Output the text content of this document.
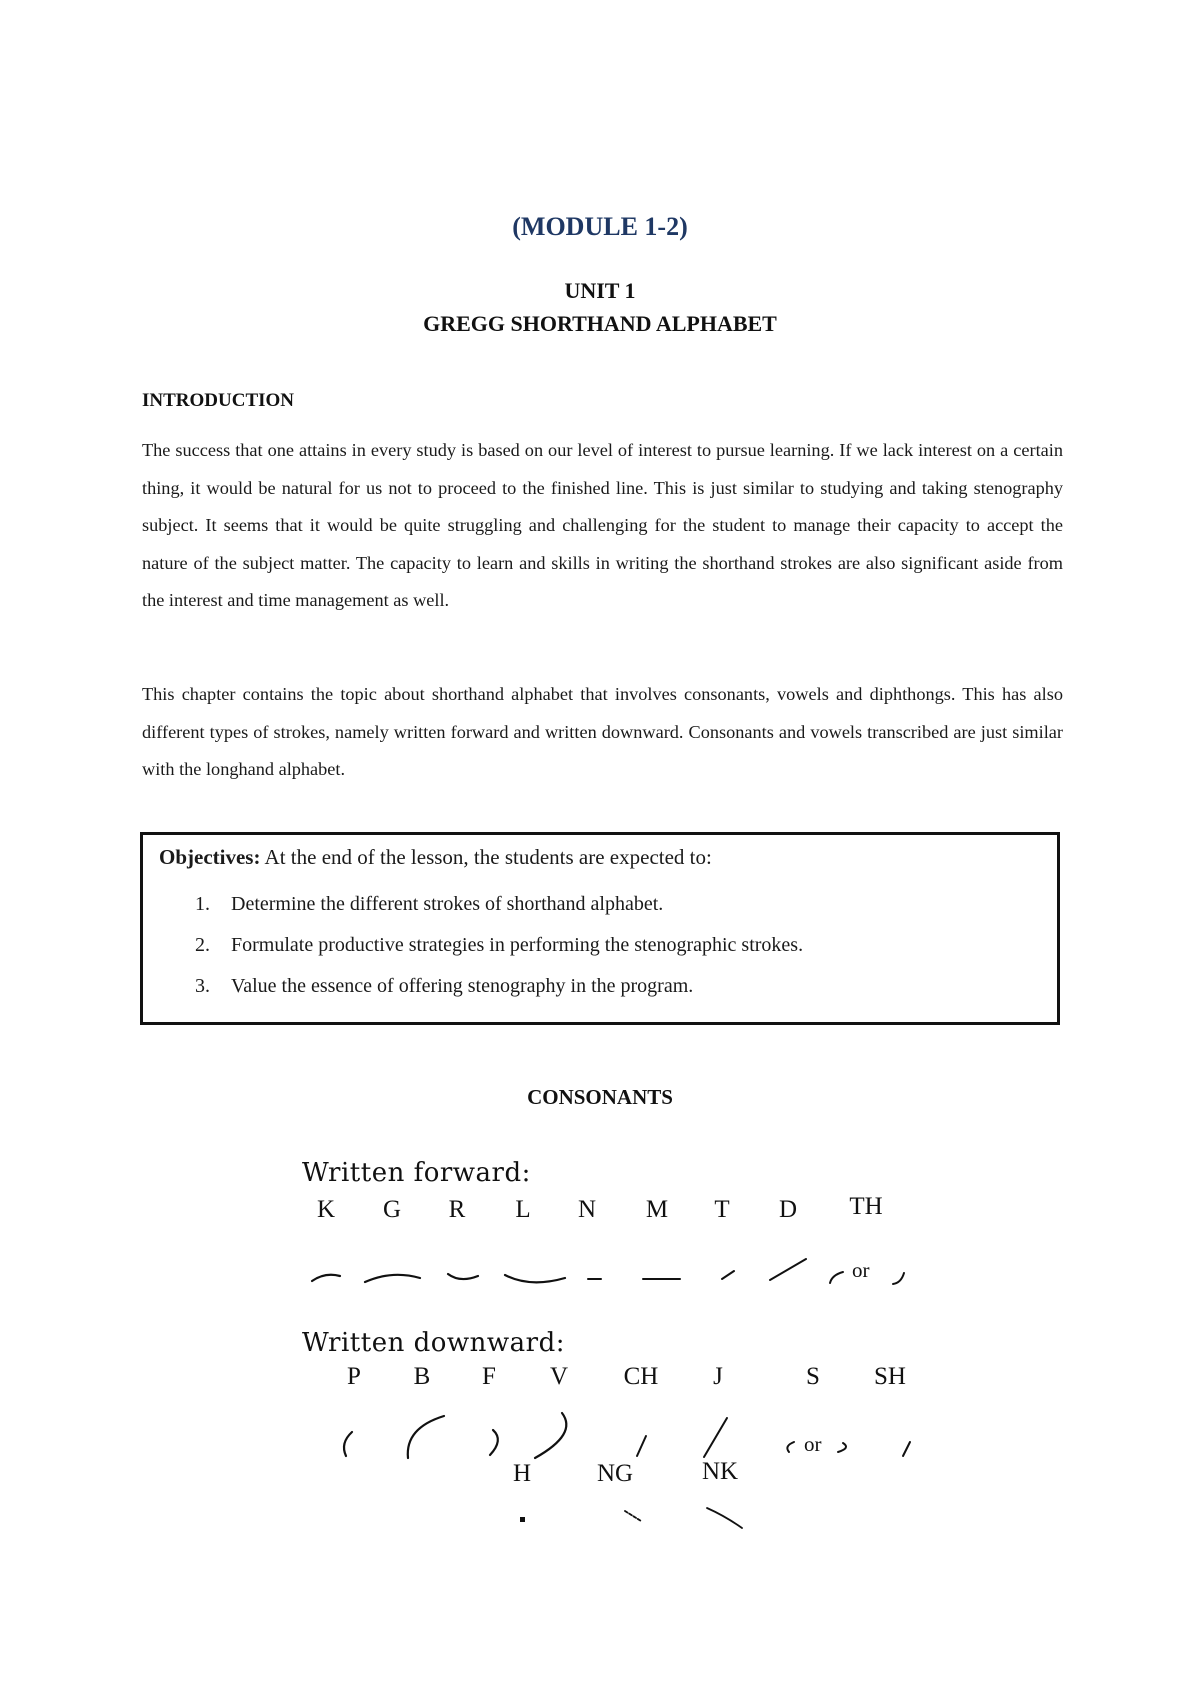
(MODULE 1-2)
UNIT 1
GREGG SHORTHAND ALPHABET
INTRODUCTION

The success that one attains in every study is based on our level of interest to pursue learning. If we lack interest on a certain thing, it would be natural for us not to proceed to the finished line. This is just similar to studying and taking stenography subject. It seems that it would be quite struggling and challenging for the student to manage their capacity to accept the nature of the subject matter. The capacity to learn and skills in writing the shorthand strokes are also significant aside from the interest and time management as well.

This chapter contains the topic about shorthand alphabet that involves consonants, vowels and diphthongs. This has also different types of strokes, namely written forward and written downward. Consonants and vowels transcribed are just similar with the longhand alphabet.

Objectives: At the end of the lesson, the students are expected to:
1.	Determine the different strokes of shorthand alphabet.
2.	Formulate productive strategies in performing the stenographic strokes.
3.	Value the essence of offering stenography in the program.
CONSONANTS
Written forward:
K	G	R	L	N	M	T	D	TH
or
Written downward:
P	B	F	V	CH	J	S	SH
or
H	NG	NK
